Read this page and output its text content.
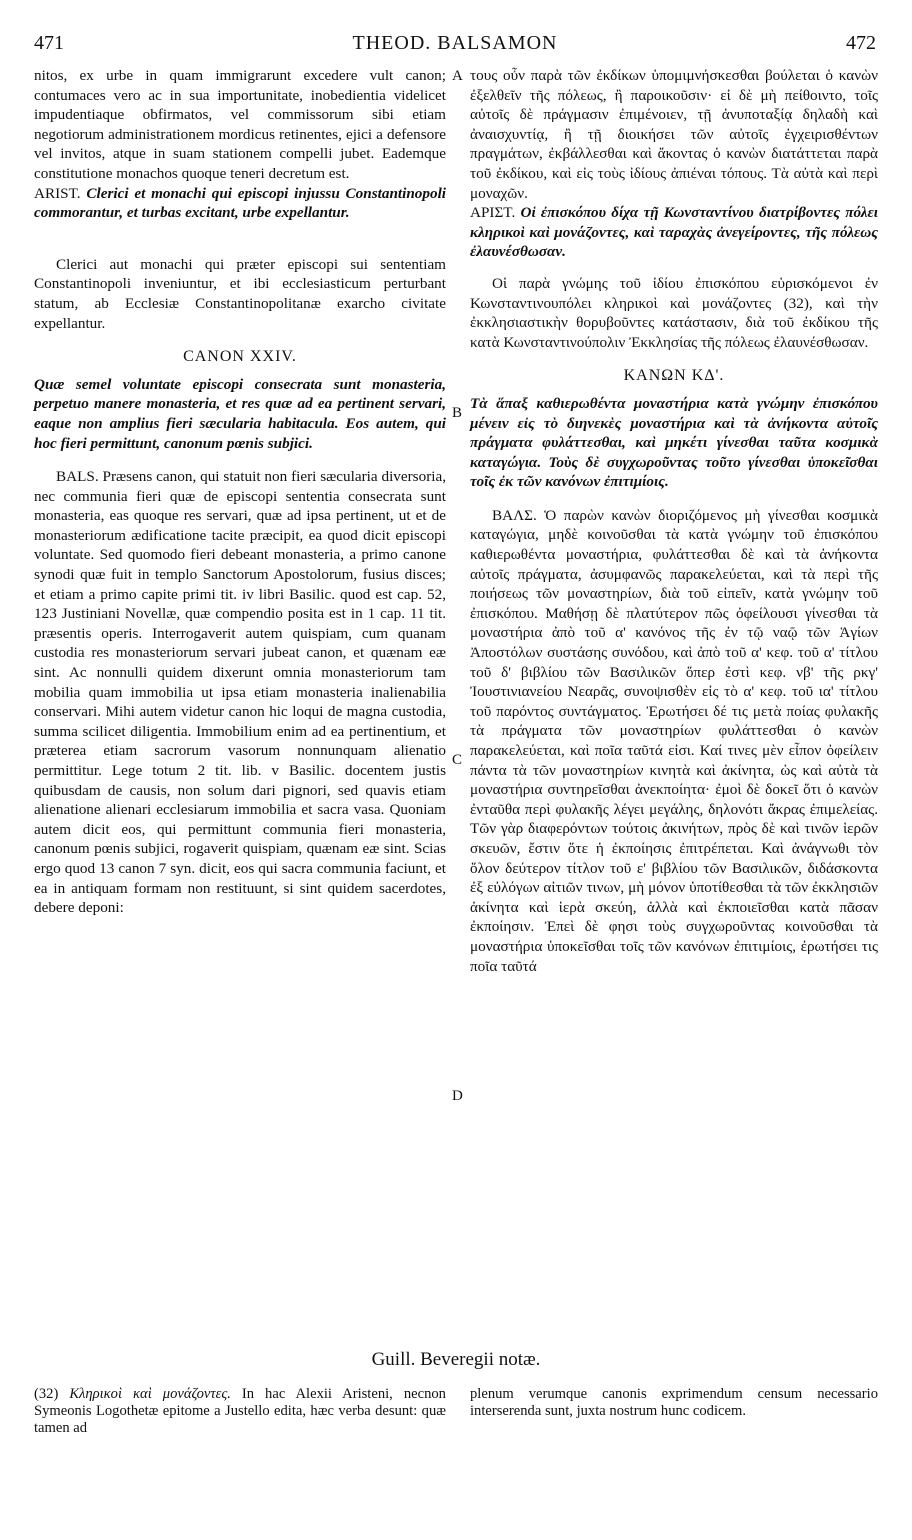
471	THEOD. BALSAMON	472
A
B
C
D

nitos, ex urbe in quam immigrarunt excedere vult canon; contumaces vero ac in sua importunitate, inobedientia videlicet impudentiaque obfirmatos, vel commissorum sibi etiam negotiorum administrationem mordicus retinentes, ejici a defensore vel invitos, atque in suam stationem compelli jubet. Eademque constitutione monachos quoque teneri decretum est.

ARIST. Clerici et monachi qui episcopi injussu Constantinopoli commorantur, et turbas excitant, urbe expellantur.

Clerici aut monachi qui præter episcopi sui sententiam Constantinopoli inveniuntur, et ibi ecclesiasticum perturbant statum, ab Ecclesiæ Constantinopolitanæ exarcho civitate expellantur.

CANON XXIV.

Quæ semel voluntate episcopi consecrata sunt monasteria, perpetuo manere monasteria, et res quæ ad ea pertinent servari, eaque non amplius fieri sæcularia habitacula. Eos autem, qui hoc fieri permittunt, canonum pœnis subjici.

BALS. Præsens canon, qui statuit non fieri sæcularia diversoria, nec communia fieri quæ de episcopi sententia consecrata sunt monasteria, eas quoque res servari, quæ ad ipsa pertinent, ut et de monasteriorum ædificatione tacite præcipit, ea quod dicit episcopi voluntate. Sed quomodo fieri debeant monasteria, a primo canone synodi quæ fuit in templo Sanctorum Apostolorum, fusius disces; et etiam a primo capite primi tit. iv libri Basilic. quod est cap. 52, 123 Justiniani Novellæ, quæ compendio posita est in 1 cap. 11 tit. præsentis operis. Interrogaverit autem quispiam, cum quanam custodia res monasteriorum servari jubeat canon, et quænam eæ sint. Ac nonnulli quidem dixerunt omnia monasteriorum tam mobilia quam immobilia ut ipsa etiam monasteria inalienabilia conservari. Mihi autem videtur canon hic loqui de magna custodia, summa scilicet diligentia. Immobilium enim ad ea pertinentium, et præterea etiam sacrorum vasorum nonnunquam alienatio permittitur. Lege totum 2 tit. lib. v Basilic. docentem justis quibusdam de causis, non solum dari pignori, sed quavis etiam alienatione alienari ecclesiarum immobilia et sacra vasa. Quoniam autem dicit eos, qui permittunt communia fieri monasteria, canonum pœnis subjici, rogaverit quispiam, quænam eæ sint. Scias ergo quod 13 canon 7 syn. dicit, eos qui sacra communia faciunt, et ea in antiquam formam non restituunt, si sint quidem sacerdotes, debere deponi:

τους οὖν παρὰ τῶν ἐκδίκων ὑπομιμνήσκεσθαι βούλεται ὁ κανὼν ἐξελθεῖν τῆς πόλεως, ἢ παροικοῦσιν· εἰ δὲ μὴ πείθοιντο, τοῖς αὐτοῖς δὲ πράγμασιν ἐπιμένοιεν, τῇ ἀνυποταξίᾳ δηλαδὴ καὶ ἀναισχυντίᾳ, ἢ τῇ διοικήσει τῶν αὐτοῖς ἐγχειρισθέντων πραγμάτων, ἐκβάλλεσθαι καὶ ἄκοντας ὁ κανὼν διατάττεται παρὰ τοῦ ἐκδίκου, καὶ εἰς τοὺς ἰδίους ἀπιέναι τόπους. Τὰ αὐτὰ καὶ περὶ μοναχῶν.

ΑΡΙΣΤ. Οἱ ἐπισκόπου δίχα τῇ Κωνσταντίνου διατρίβοντες πόλει κληρικοὶ καὶ μονάζοντες, καὶ ταραχὰς ἀνεγείροντες, τῆς πόλεως ἐλαυνέσθωσαν.

Οἱ παρὰ γνώμης τοῦ ἰδίου ἐπισκόπου εὑρισκόμενοι ἐν Κωνσταντινουπόλει κληρικοὶ καὶ μονάζοντες (32), καὶ τὴν ἐκκλησιαστικὴν θορυβοῦντες κατάστασιν, διὰ τοῦ ἐκδίκου τῆς κατὰ Κωνσταντινούπολιν Ἐκκλησίας τῆς πόλεως ἐλαυνέσθωσαν.

ΚΑΝΩΝ ΚΔ'.

Τὰ ἅπαξ καθιερωθέντα μοναστήρια κατὰ γνώμην ἐπισκόπου μένειν εἰς τὸ διηνεκὲς μοναστήρια καὶ τὰ ἀνήκοντα αὐτοῖς πράγματα φυλάττεσθαι, καὶ μηκέτι γίνεσθαι ταῦτα κοσμικὰ καταγώγια. Τοὺς δὲ συγχωροῦντας τοῦτο γίνεσθαι ὑποκεῖσθαι τοῖς ἐκ τῶν κανόνων ἐπιτιμίοις.

ΒΑΛΣ. Ὁ παρὼν κανὼν διοριζόμενος μὴ γίνεσθαι κοσμικὰ καταγώγια, μηδὲ κοινοῦσθαι τὰ κατὰ γνώμην τοῦ ἐπισκόπου καθιερωθέντα μοναστήρια, φυλάττεσθαι δὲ καὶ τὰ ἀνήκοντα αὐτοῖς πράγματα, ἀσυμφανῶς παρακελεύεται, καὶ τὰ περὶ τῆς ποιήσεως τῶν μοναστηρίων, διὰ τοῦ εἰπεῖν, κατὰ γνώμην τοῦ ἐπισκόπου. Μαθήσῃ δὲ πλατύτερον πῶς ὀφείλουσι γίνεσθαι τὰ μοναστήρια ἀπὸ τοῦ α' κανόνος τῆς ἐν τῷ ναῷ τῶν Ἁγίων Ἀποστόλων συστάσης συνόδου, καὶ ἀπὸ τοῦ α' κεφ. τοῦ α' τίτλου τοῦ δ' βιβλίου τῶν Βασιλικῶν ὅπερ ἐστὶ κεφ. νβ' τῆς ρκγ' Ἰουστινιανείου Νεαρᾶς, συνοψισθὲν εἰς τὸ α' κεφ. τοῦ ια' τίτλου τοῦ παρόντος συντάγματος. Ἐρωτήσει δέ τις μετὰ ποίας φυλακῆς τὰ πράγματα τῶν μοναστηρίων φυλάττεσθαι ὁ κανὼν παρακελεύεται, καὶ ποῖα ταῦτά εἰσι. Καί τινες μὲν εἶπον ὀφείλειν πάντα τὰ τῶν μοναστηρίων κινητὰ καὶ ἀκίνητα, ὡς καὶ αὐτὰ τὰ μοναστήρια συντηρεῖσθαι ἀνεκποίητα· ἐμοὶ δὲ δοκεῖ ὅτι ὁ κανὼν ἐνταῦθα περὶ φυλακῆς λέγει μεγάλης, δηλονότι ἄκρας ἐπιμελείας. Τῶν γὰρ διαφερόντων τούτοις ἀκινήτων, πρὸς δὲ καὶ τινῶν ἱερῶν σκευῶν, ἔστιν ὅτε ἡ ἐκποίησις ἐπιτρέπεται. Καὶ ἀνάγνωθι τὸν ὅλον δεύτερον τίτλον τοῦ ε' βιβλίου τῶν Βασιλικῶν, διδάσκοντα ἐξ εὐλόγων αἰτιῶν τινων, μὴ μόνον ὑποτίθεσθαι τὰ τῶν ἐκκλησιῶν ἀκίνητα καὶ ἱερὰ σκεύη, ἀλλὰ καὶ ἐκποιεῖσθαι κατὰ πᾶσαν ἐκποίησιν. Ἐπεὶ δὲ φησι τοὺς συγχωροῦντας κοινοῦσθαι τὰ μοναστήρια ὑποκεῖσθαι τοῖς τῶν κανόνων ἐπιτιμίοις, ἐρωτήσει τις ποῖα ταῦτά

Guill. Beveregii notæ.

(32) Κληρικοὶ καὶ μονάζοντες. In hac Alexii Aristeni, necnon Symeonis Logothetæ epitome a Justello edita, hæc verba desunt: quæ tamen ad

plenum verumque canonis exprimendum censum necessario interserenda sunt, juxta nostrum hunc codicem.
